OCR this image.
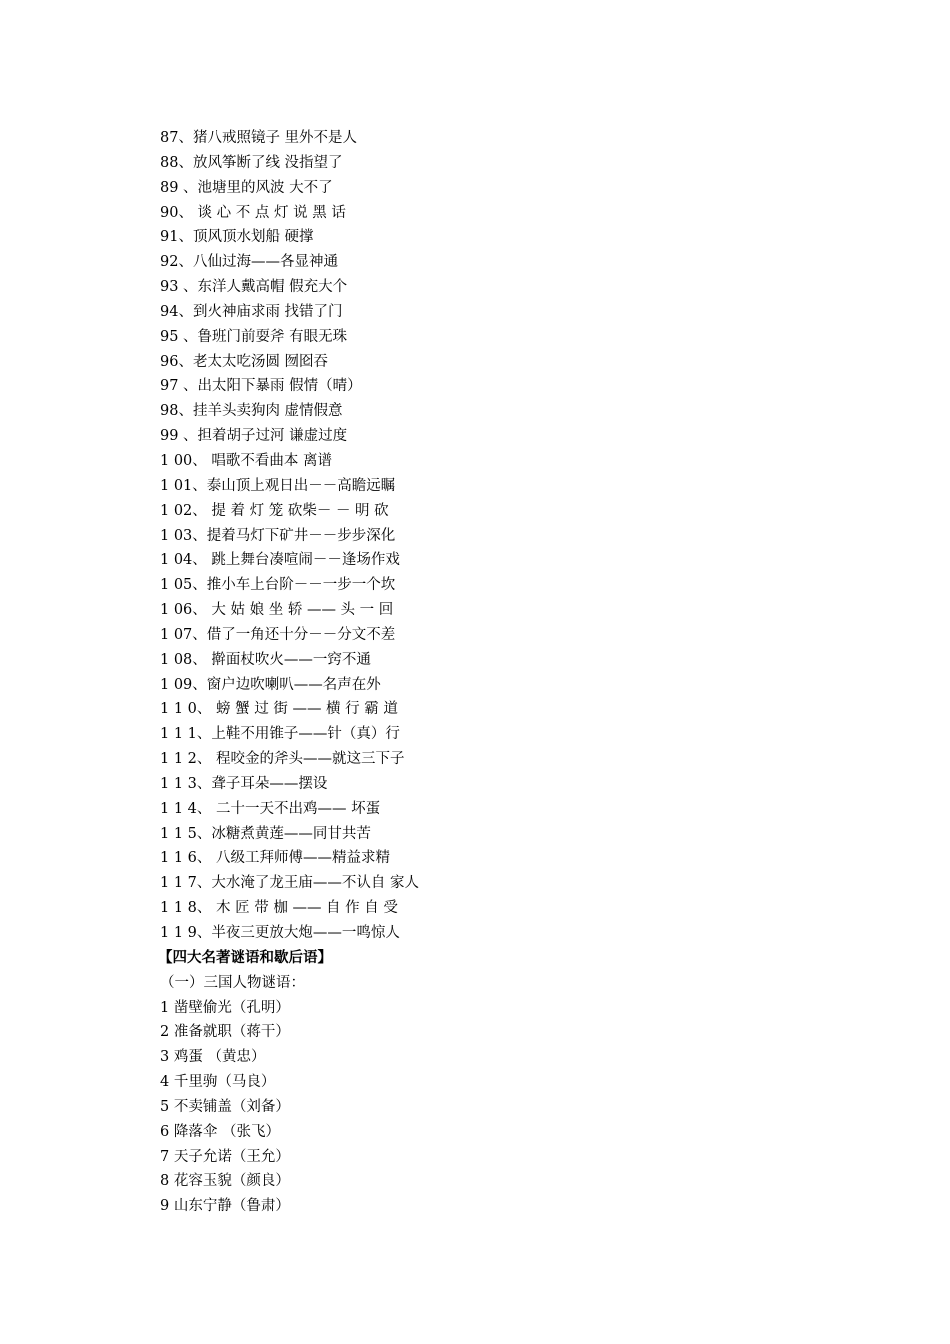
87、猪八戒照镜子 里外不是人
88、放风筝断了线 没指望了
89 、池塘里的风波 大不了
90、 谈 心 不 点 灯 说 黑 话
91、顶风顶水划船 硬撑
92、八仙过海——各显神通
93 、东洋人戴高帽 假充大个
94、到火神庙求雨 找错了门
95 、鲁班门前耍斧 有眼无珠
96、老太太吃汤圆 囫囵吞
97 、出太阳下暴雨 假情（晴）
98、挂羊头卖狗肉 虚情假意
99 、担着胡子过河 谦虚过度
1 00、 唱歌不看曲本 离谱
1 01、泰山顶上观日出－－高瞻远瞩
1 02、 提 着 灯 笼 砍柴－ － 明 砍
1 03、提着马灯下矿井－－步步深化
1 04、 跳上舞台凑喧闹－－逢场作戏
1 05、推小车上台阶－－一步一个坎
1 06、 大 姑 娘 坐 轿 —— 头 一 回
1 07、借了一角还十分－－分文不差
1 08、 擀面杖吹火——一窍不通
1 09、窗户边吹喇叭——名声在外
1 1 0、 螃 蟹 过 街 —— 横 行 霸 道
1 1 1、上鞋不用锥子——针（真）行
1 1 2、 程咬金的斧头——就这三下子
1 1 3、聋子耳朵——摆设
1 1 4、 二十一天不出鸡—— 坏蛋
1 1 5、冰糖煮黄莲——同甘共苦
1 1 6、 八级工拜师傅——精益求精
1 1 7、大水淹了龙王庙——不认自 家人
1 1 8、 木 匠 带 枷 —— 自 作 自 受
1 1 9、半夜三更放大炮——一鸣惊人
【四大名著谜语和歇后语】
（一）三国人物谜语：
1 凿壁偷光（孔明）
2 准备就职（蒋干）
3 鸡蛋 （黄忠）
4 千里驹（马良）
5 不卖铺盖（刘备）
6 降落伞 （张飞）
7 天子允诺（王允）
8 花容玉貌（颜良）
9 山东宁静（鲁肃）
